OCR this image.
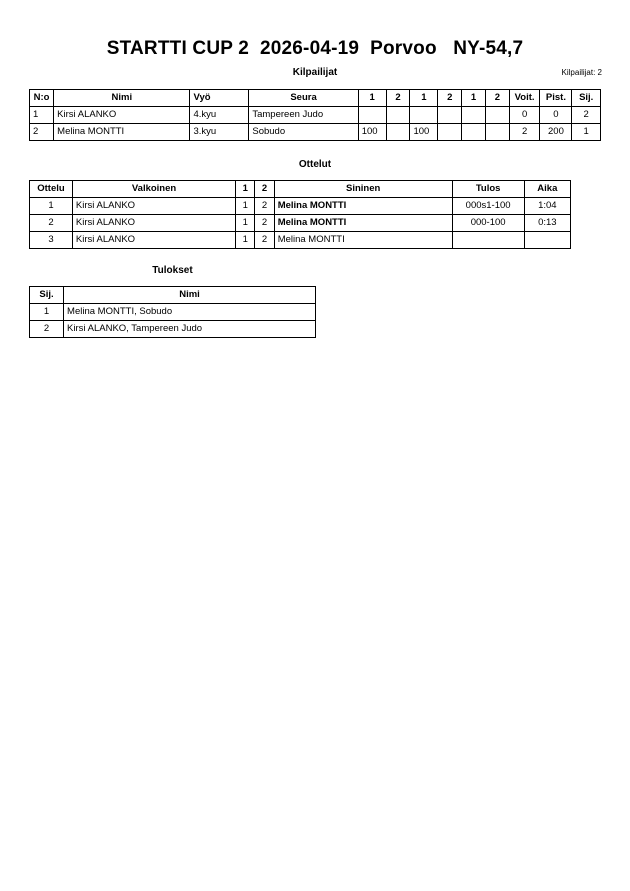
STARTTI CUP 2  2026-04-19  Porvoo   NY-54,7
Kilpailijat	Kilpailijat: 2
N:o	Nimi	Vyö	Seura	1	2	1	2	1	2	Voit.	Pist.	Sij.
1	Kirsi ALANKO	4.kyu	Tampereen Judo							0	0	2
2	Melina MONTTI	3.kyu	Sobudo	100		100				2	200	1
Ottelut
Ottelu	Valkoinen	1	2	Sininen	Tulos	Aika
1	Kirsi ALANKO	1	2	Melina MONTTI	000s1-100	1:04
2	Kirsi ALANKO	1	2	Melina MONTTI	000-100	0:13
3	Kirsi ALANKO	1	2	Melina MONTTI		
Tulokset
Sij.	Nimi
1	Melina MONTTI, Sobudo
2	Kirsi ALANKO, Tampereen Judo
